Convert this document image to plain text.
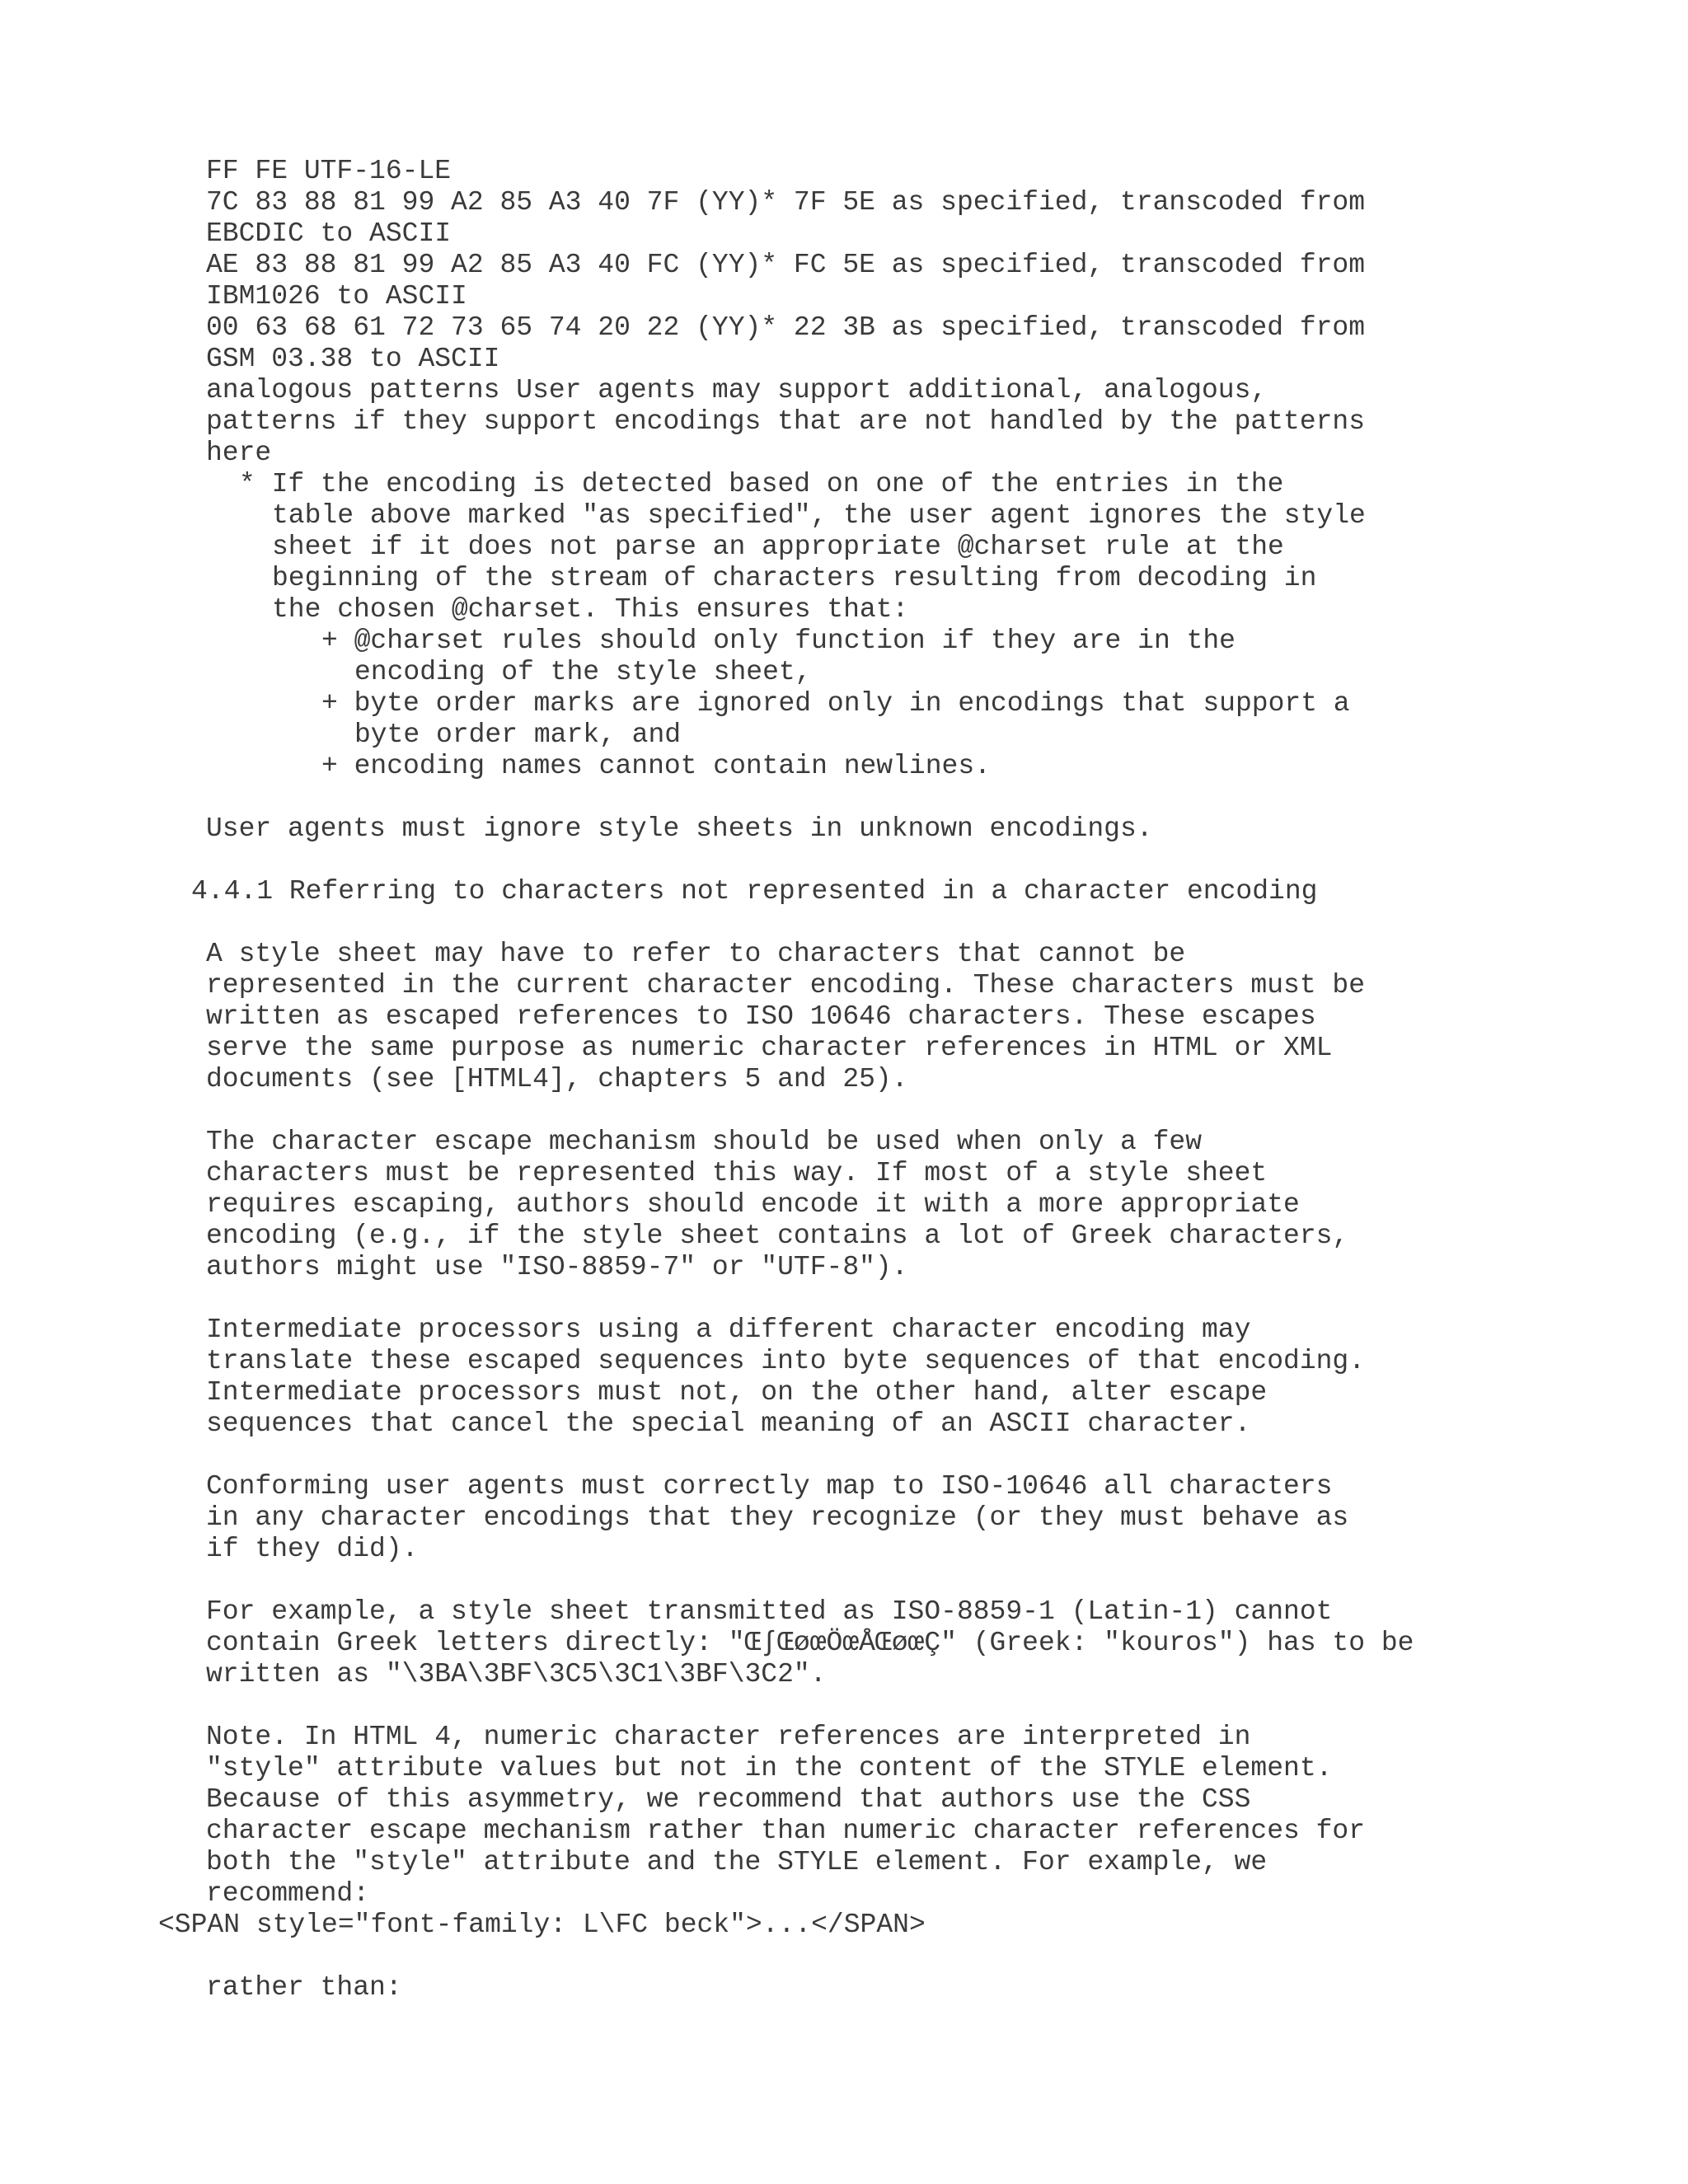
FF FE UTF-16-LE

7C 83 88 81 99 A2 85 A3 40 7F (YY)* 7F 5E as specified, transcoded from

EBCDIC to ASCII

AE 83 88 81 99 A2 85 A3 40 FC (YY)* FC 5E as specified, transcoded from

IBM1026 to ASCII

00 63 68 61 72 73 65 74 20 22 (YY)* 22 3B as specified, transcoded from

GSM 03.38 to ASCII

analogous patterns User agents may support additional, analogous,

patterns if they support encodings that are not handled by the patterns

here

* If the encoding is detected based on one of the entries in the

table above marked "as specified", the user agent ignores the style

sheet if it does not parse an appropriate @charset rule at the

beginning of the stream of characters resulting from decoding in

the chosen @charset. This ensures that:

+ @charset rules should only function if they are in the

encoding of the style sheet,

+ byte order marks are ignored only in encodings that support a

byte order mark, and

+ encoding names cannot contain newlines.

User agents must ignore style sheets in unknown encodings.

4.4.1 Referring to characters not represented in a character encoding

A style sheet may have to refer to characters that cannot be

represented in the current character encoding. These characters must be

written as escaped references to ISO 10646 characters. These escapes

serve the same purpose as numeric character references in HTML or XML

documents (see [HTML4], chapters 5 and 25).

The character escape mechanism should be used when only a few

characters must be represented this way. If most of a style sheet

requires escaping, authors should encode it with a more appropriate

encoding (e.g., if the style sheet contains a lot of Greek characters,

authors might use "ISO-8859-7" or "UTF-8").

Intermediate processors using a different character encoding may

translate these escaped sequences into byte sequences of that encoding.

Intermediate processors must not, on the other hand, alter escape

sequences that cancel the special meaning of an ASCII character.

Conforming user agents must correctly map to ISO-10646 all characters

in any character encodings that they recognize (or they must behave as

if they did).

For example, a style sheet transmitted as ISO-8859-1 (Latin-1) cannot

contain Greek letters directly: "Œ∫ŒøœÖœÅŒøœÇ" (Greek: "kouros") has to be

written as "\3BA\3BF\3C5\3C1\3BF\3C2".

Note. In HTML 4, numeric character references are interpreted in

"style" attribute values but not in the content of the STYLE element.

Because of this asymmetry, we recommend that authors use the CSS

character escape mechanism rather than numeric character references for

both the "style" attribute and the STYLE element. For example, we

recommend:

<SPAN style="font-family: L\FC beck">...</SPAN>

rather than:
